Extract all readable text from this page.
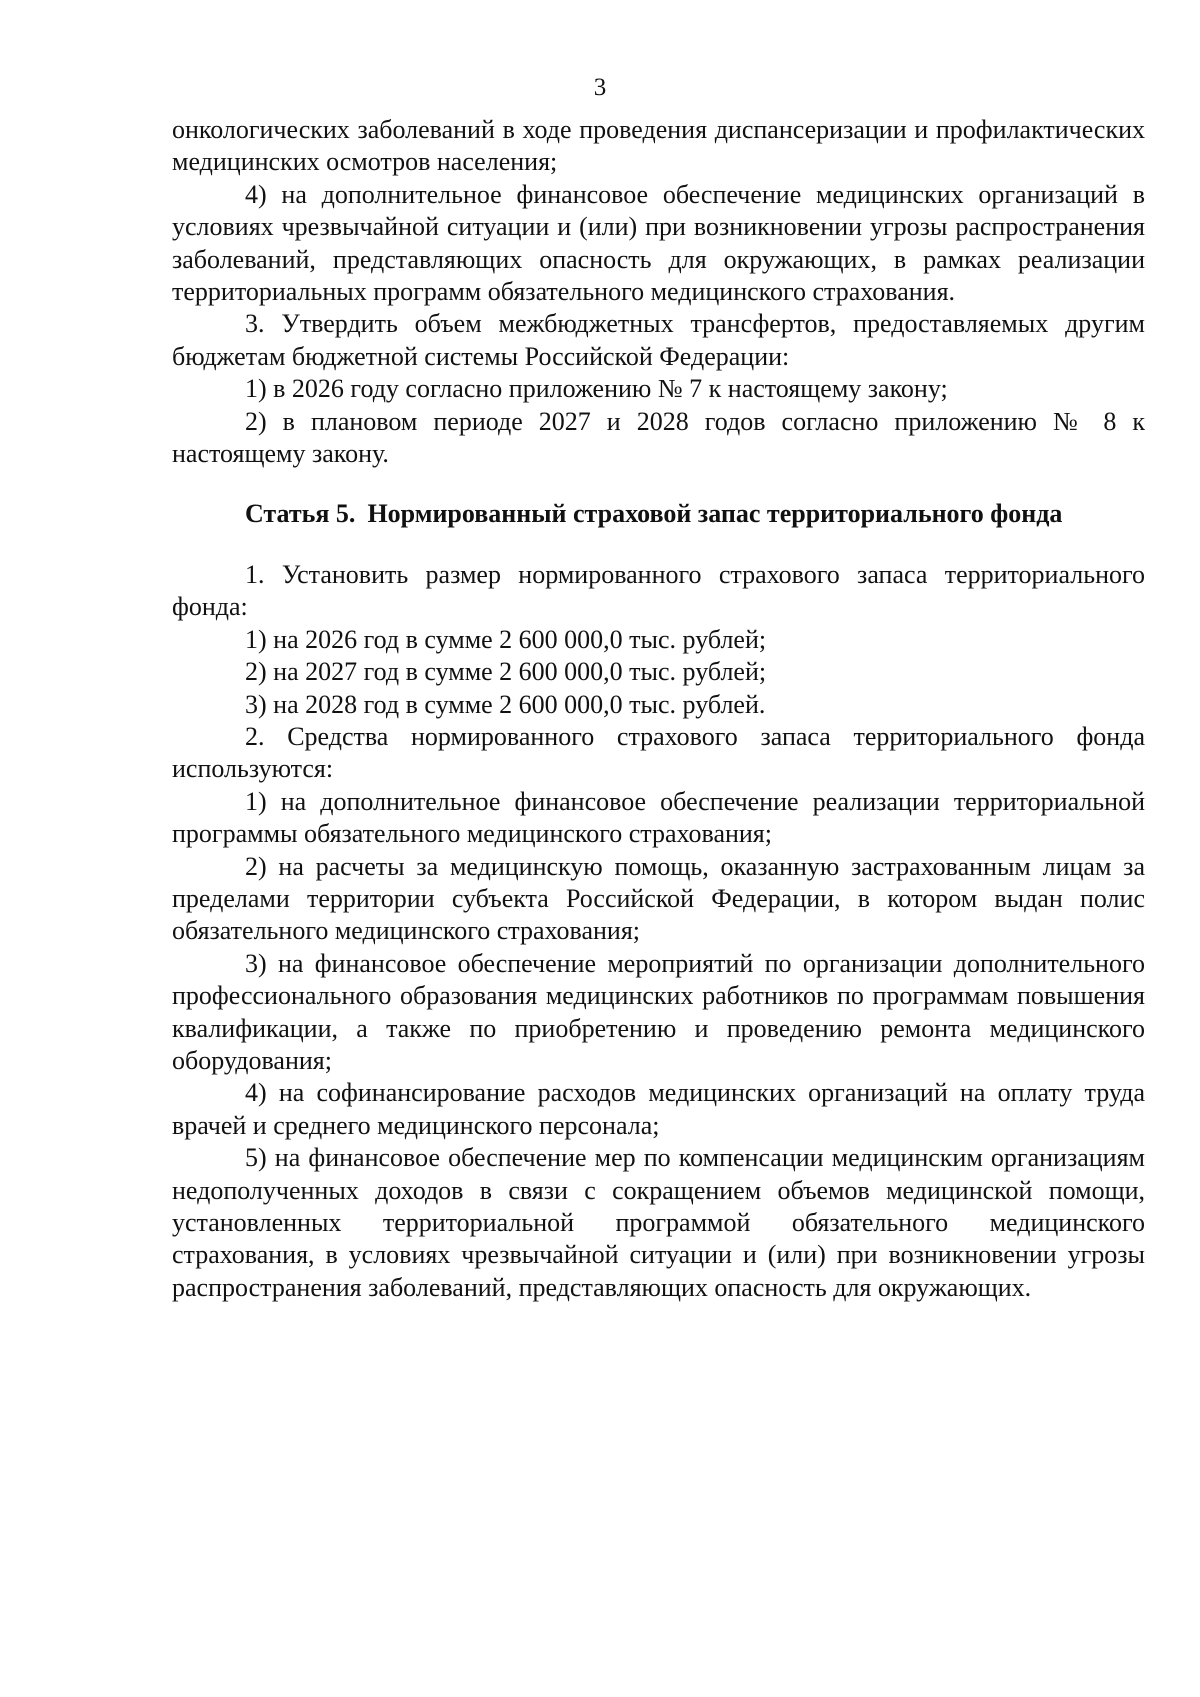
3

онкологических заболеваний в ходе проведения диспансеризации и профилактических медицинских осмотров населения;

4) на дополнительное финансовое обеспечение медицинских организаций в условиях чрезвычайной ситуации и (или) при возникновении угрозы распространения заболеваний, представляющих опасность для окружающих, в рамках реализации территориальных программ обязательного медицинского страхования.

3. Утвердить объем межбюджетных трансфертов, предоставляемых другим бюджетам бюджетной системы Российской Федерации:

1) в 2026 году согласно приложению № 7 к настоящему закону;

2) в плановом периоде 2027 и 2028 годов согласно приложению № 8 к настоящему закону.

Статья 5. Нормированный страховой запас территориального фонда

1. Установить размер нормированного страхового запаса территориального фонда:

1) на 2026 год в сумме 2 600 000,0 тыс. рублей;

2) на 2027 год в сумме 2 600 000,0 тыс. рублей;

3) на 2028 год в сумме 2 600 000,0 тыс. рублей.

2. Средства нормированного страхового запаса территориального фонда используются:

1) на дополнительное финансовое обеспечение реализации территориальной программы обязательного медицинского страхования;

2) на расчеты за медицинскую помощь, оказанную застрахованным лицам за пределами территории субъекта Российской Федерации, в котором выдан полис обязательного медицинского страхования;

3) на финансовое обеспечение мероприятий по организации дополнительного профессионального образования медицинских работников по программам повышения квалификации, а также по приобретению и проведению ремонта медицинского оборудования;

4) на софинансирование расходов медицинских организаций на оплату труда врачей и среднего медицинского персонала;

5) на финансовое обеспечение мер по компенсации медицинским организациям недополученных доходов в связи с сокращением объемов медицинской помощи, установленных территориальной программой обязательного медицинского страхования, в условиях чрезвычайной ситуации и (или) при возникновении угрозы распространения заболеваний, представляющих опасность для окружающих.
